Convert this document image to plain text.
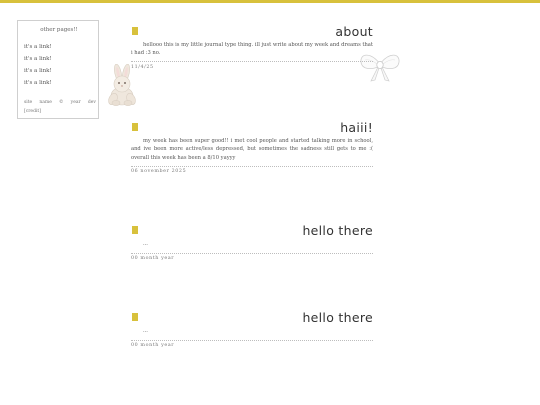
other pages!!
it's a link!
it's a link!
it's a link!
it's a link!
site name © year dev
[credit]
about
hellooo this is my little journal type thing. ill just write about my week and dreams that i had :3 no.
11/4/25
haiii!
my week has been super good!! i met cool people and started talking more in school, and ive been more active/less depressed, but sometimes the sadness still gets to me :( overall this week has been a 8/10 yayyy
06 november 2025
hello there
...
00 month year
hello there
...
00 month year
